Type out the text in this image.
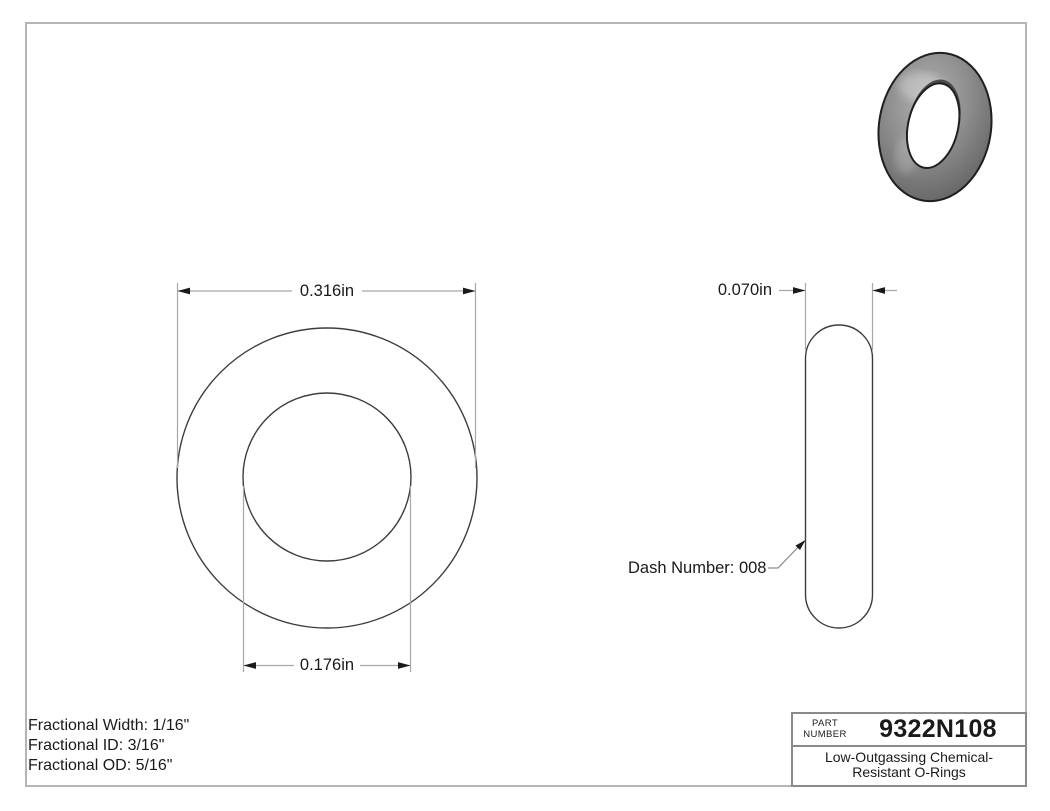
0.316in
0.176in
0.070in
Dash Number: 008
Fractional Width: 1/16"
Fractional ID: 3/16"
Fractional OD: 5/16"
PART
NUMBER	9322N108
Low-Outgassing Chemical-
Resistant O-Rings
